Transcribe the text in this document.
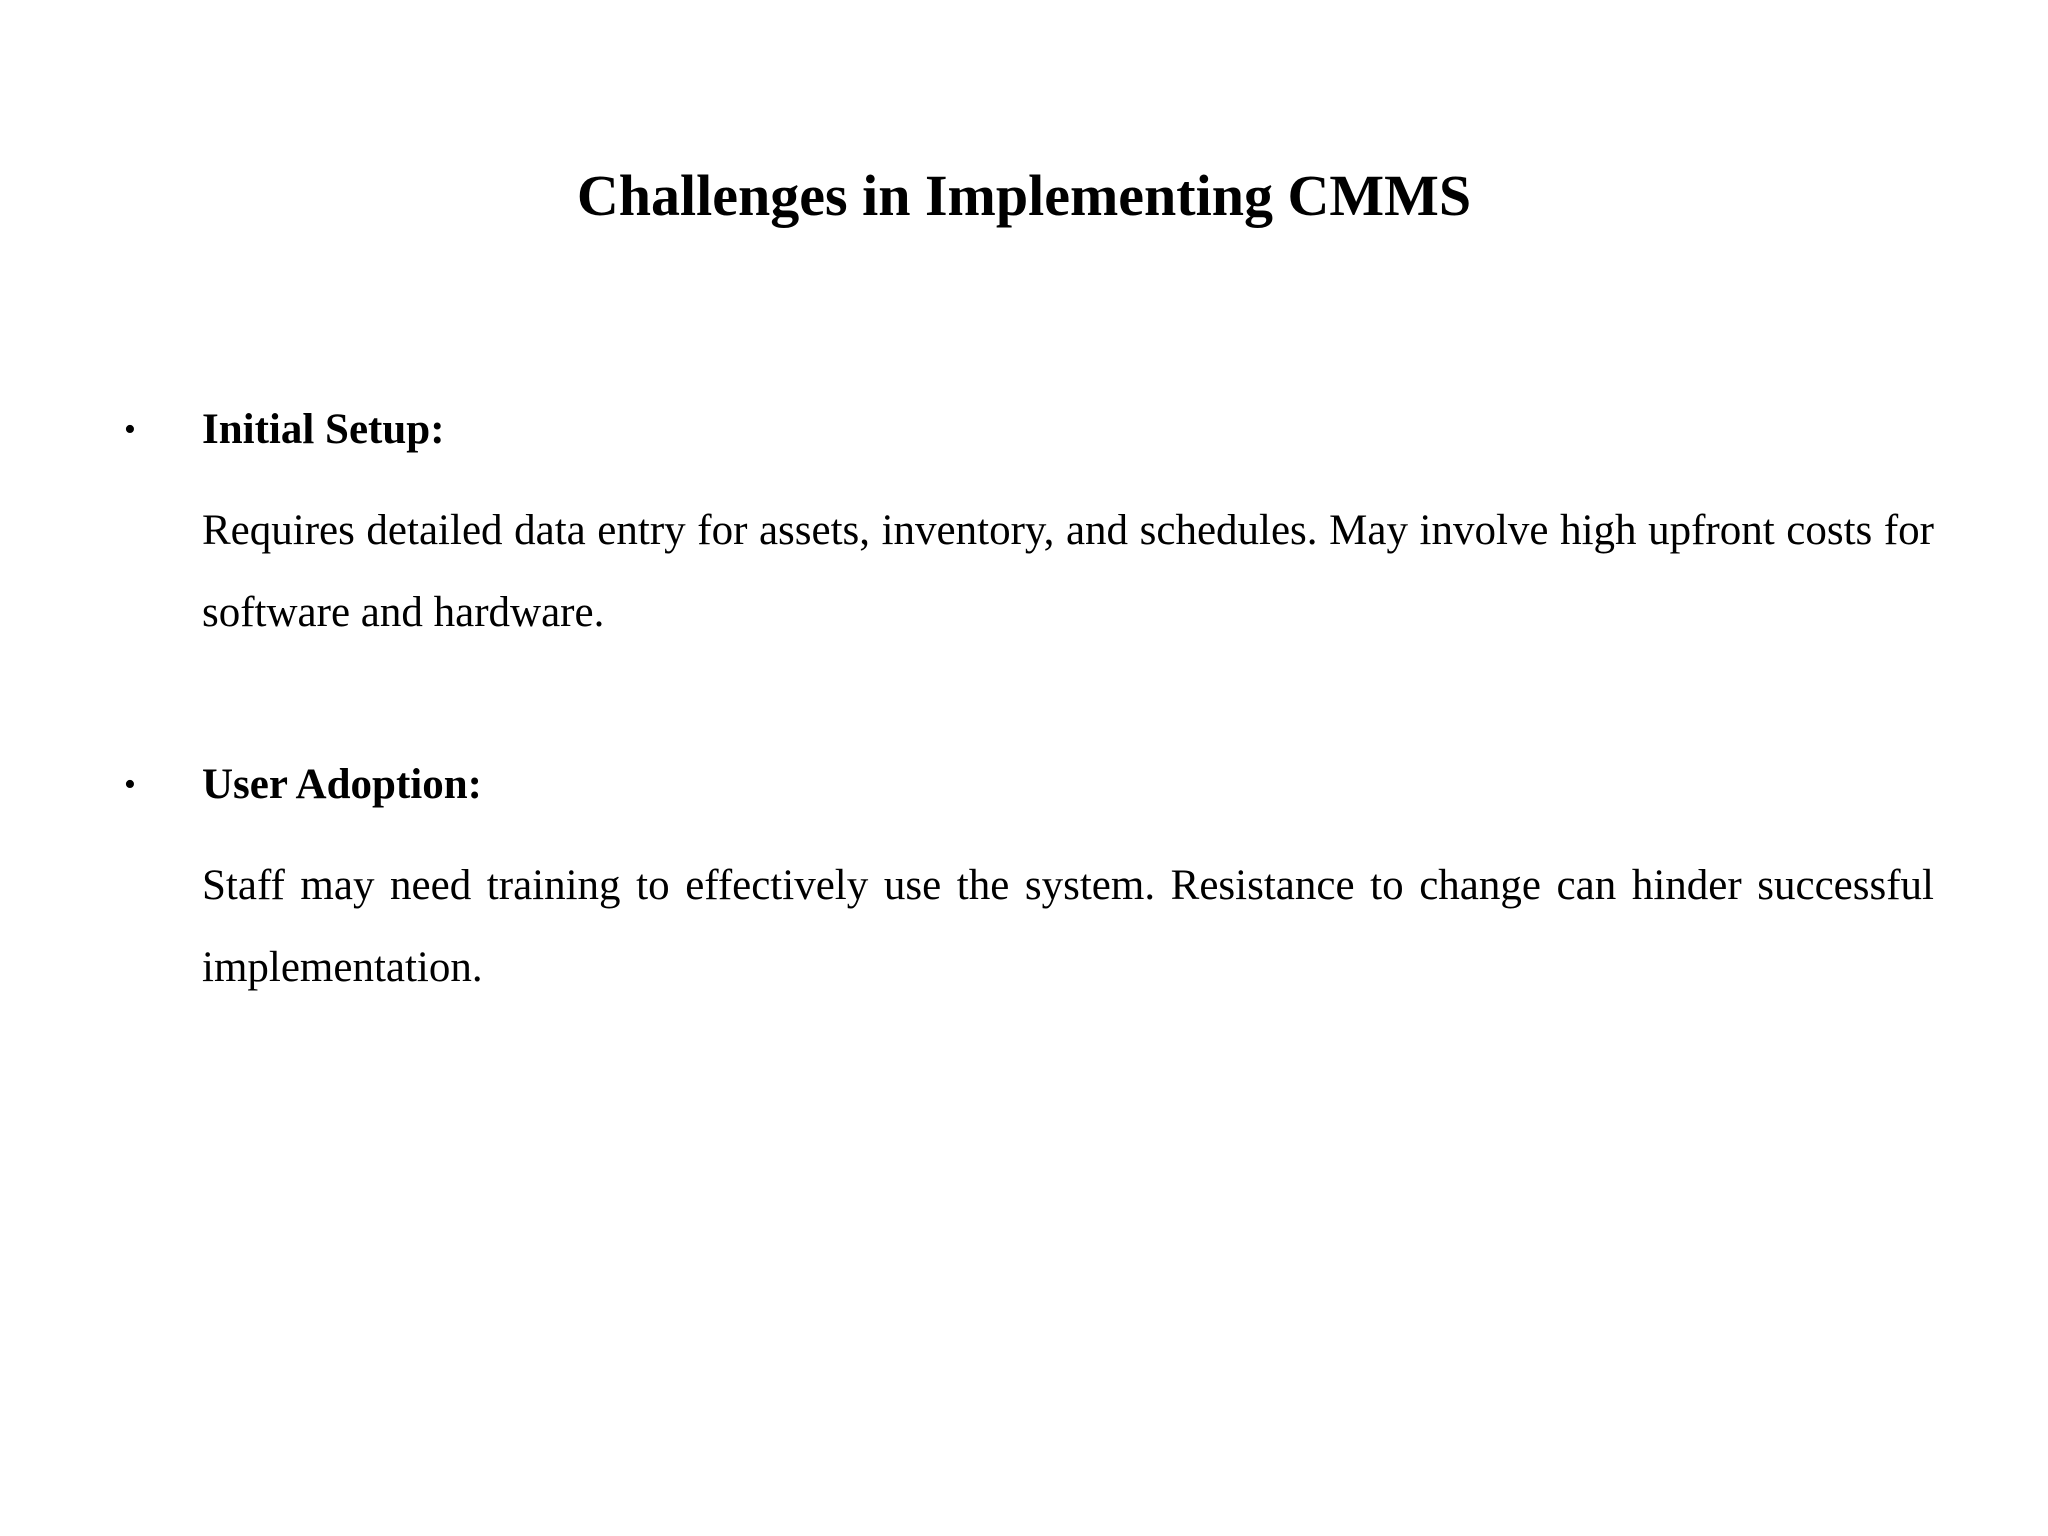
Challenges in Implementing CMMS
• Initial Setup:

Requires detailed data entry for assets, inventory, and schedules. May involve high upfront costs for software and hardware.

• User Adoption:

Staff may need training to effectively use the system. Resistance to change can hinder successful implementation.
